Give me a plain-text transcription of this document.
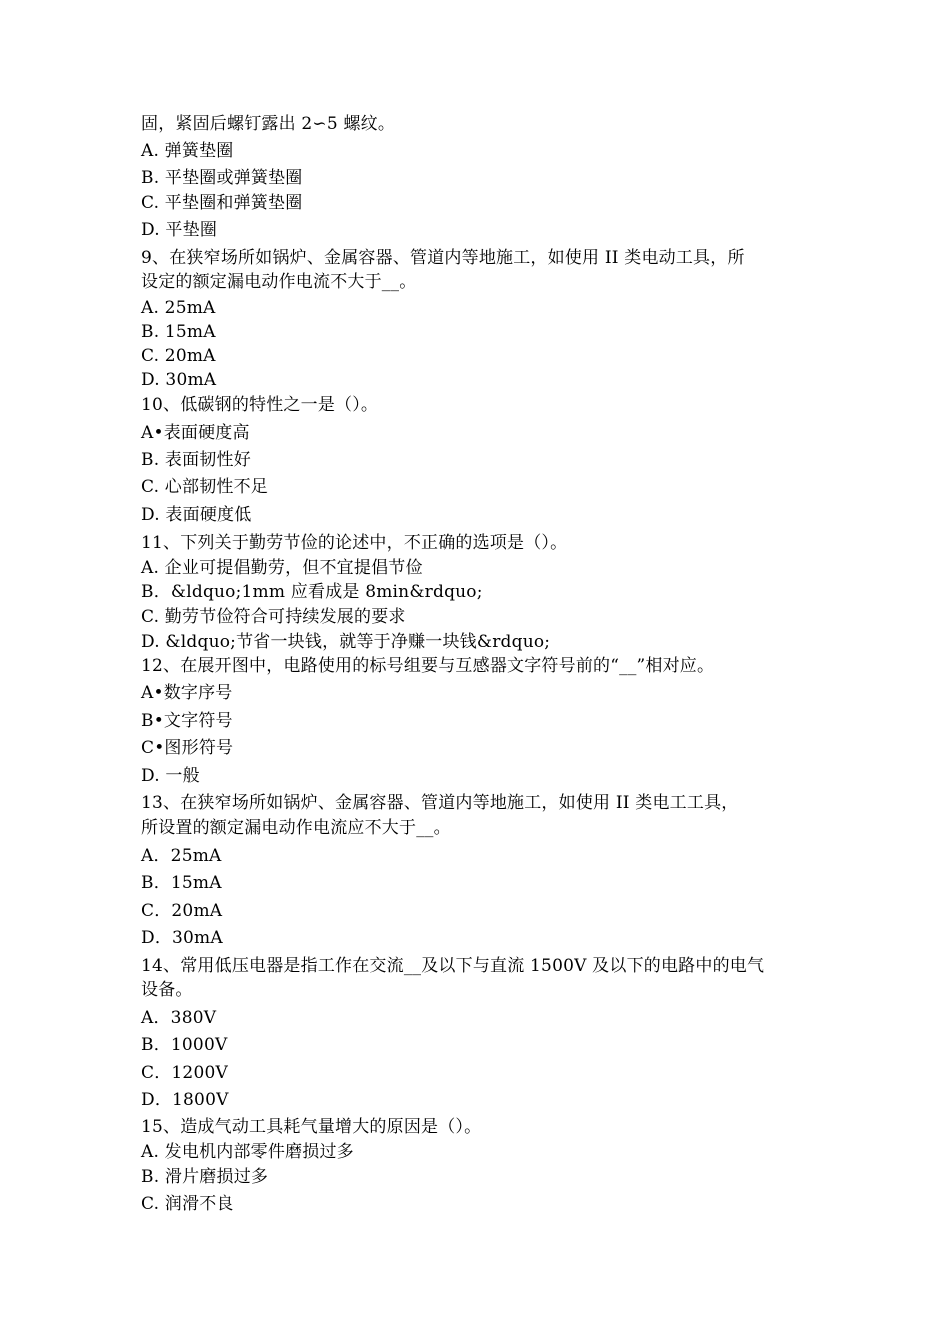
固，紧固后螺钉露出 2∽5 螺纹。
A. 弹簧垫圈
B. 平垫圈或弹簧垫圈
C. 平垫圈和弹簧垫圈
D. 平垫圈
9、在狭窄场所如锅炉、金属容器、管道内等地施工，如使用 II 类电动工具，所
设定的额定漏电动作电流不大于__。
A. 25mA
B. 15mA
C. 20mA
D. 30mA
10、低碳钢的特性之一是（）。
A•表面硬度高
B. 表面韧性好
C. 心部韧性不足
D. 表面硬度低
11、下列关于勤劳节俭的论述中，不正确的选项是（）。
A. 企业可提倡勤劳，但不宜提倡节俭
B．&ldquo;1mm 应看成是 8min&rdquo;
C. 勤劳节俭符合可持续发展的要求
D. &ldquo;节省一块钱，就等于净赚一块钱&rdquo;
12、在展开图中，电路使用的标号组要与互感器文字符号前的“__”相对应。
A•数字序号
B•文字符号
C•图形符号
D. 一般
13、在狭窄场所如锅炉、金属容器、管道内等地施工，如使用 II 类电工工具，
所设置的额定漏电动作电流应不大于__。
A．25mA
B．15mA
C．20mA
D．30mA
14、常用低压电器是指工作在交流__及以下与直流 1500V 及以下的电路中的电气
设备。
A．380V
B．1000V
C．1200V
D．1800V
15、造成气动工具耗气量增大的原因是（）。
A. 发电机内部零件磨损过多
B. 滑片磨损过多
C. 润滑不良
